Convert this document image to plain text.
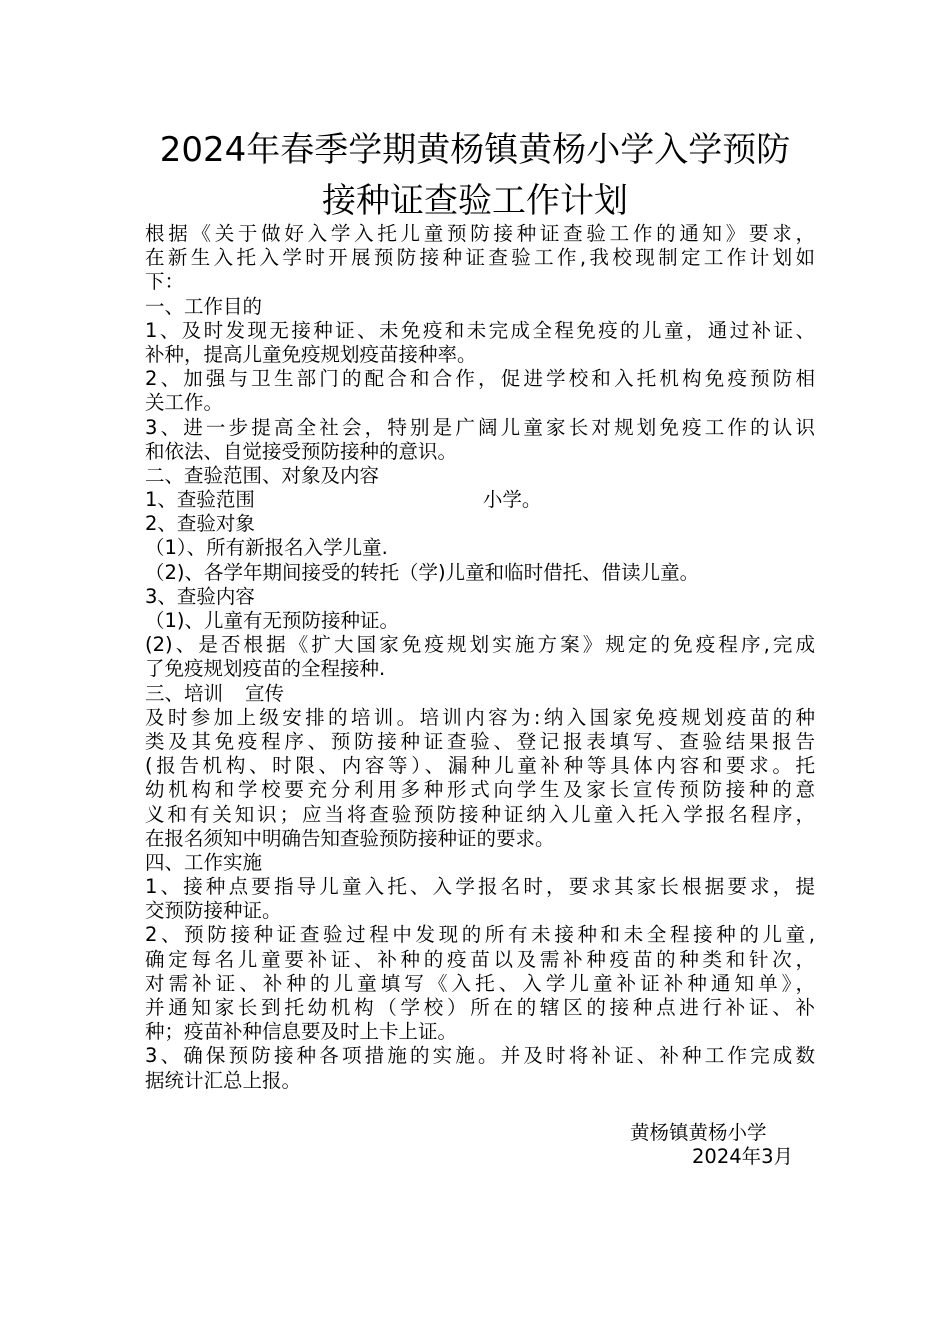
2024年春季学期黄杨镇黄杨小学入学预防
接种证查验工作计划
根据《关于做好入学入托儿童预防接种证查验工作的通知》要求，
在新生入托入学时开展预防接种证查验工作,我校现制定工作计划如
下：
一、工作目的
1、及时发现无接种证、未免疫和未完成全程免疫的儿童，通过补证、
补种，提高儿童免疫规划疫苗接种率。
2、加强与卫生部门的配合和合作，促进学校和入托机构免疫预防相
关工作。
3、进一步提高全社会，特别是广阔儿童家长对规划免疫工作的认识
和依法、自觉接受预防接种的意识。
二、查验范围、对象及内容
1、查验范围	小学。
2、查验对象
（1）、所有新报名入学儿童.
（2)、各学年期间接受的转托（学)儿童和临时借托、借读儿童。
3、查验内容
（1)、儿童有无预防接种证。
(2)、是否根据《扩大国家免疫规划实施方案》规定的免疫程序,完成
了免疫规划疫苗的全程接种.
三、培训 宣传
及时参加上级安排的培训。培训内容为:纳入国家免疫规划疫苗的种
类及其免疫程序、预防接种证查验、登记报表填写、查验结果报告
(报告机构、时限、内容等）、漏种儿童补种等具体内容和要求。托
幼机构和学校要充分利用多种形式向学生及家长宣传预防接种的意
义和有关知识；应当将查验预防接种证纳入儿童入托入学报名程序，
在报名须知中明确告知查验预防接种证的要求。
四、工作实施
1、接种点要指导儿童入托、入学报名时，要求其家长根据要求，提
交预防接种证。
2、预防接种证查验过程中发现的所有未接种和未全程接种的儿童,
确定每名儿童要补证、补种的疫苗以及需补种疫苗的种类和针次，
对需补证、补种的儿童填写《入托、入学儿童补证补种通知单》，
并通知家长到托幼机构（学校）所在的辖区的接种点进行补证、补
种；疫苗补种信息要及时上卡上证。
3、确保预防接种各项措施的实施。并及时将补证、补种工作完成数
据统计汇总上报。
黄杨镇黄杨小学
2024年3月
